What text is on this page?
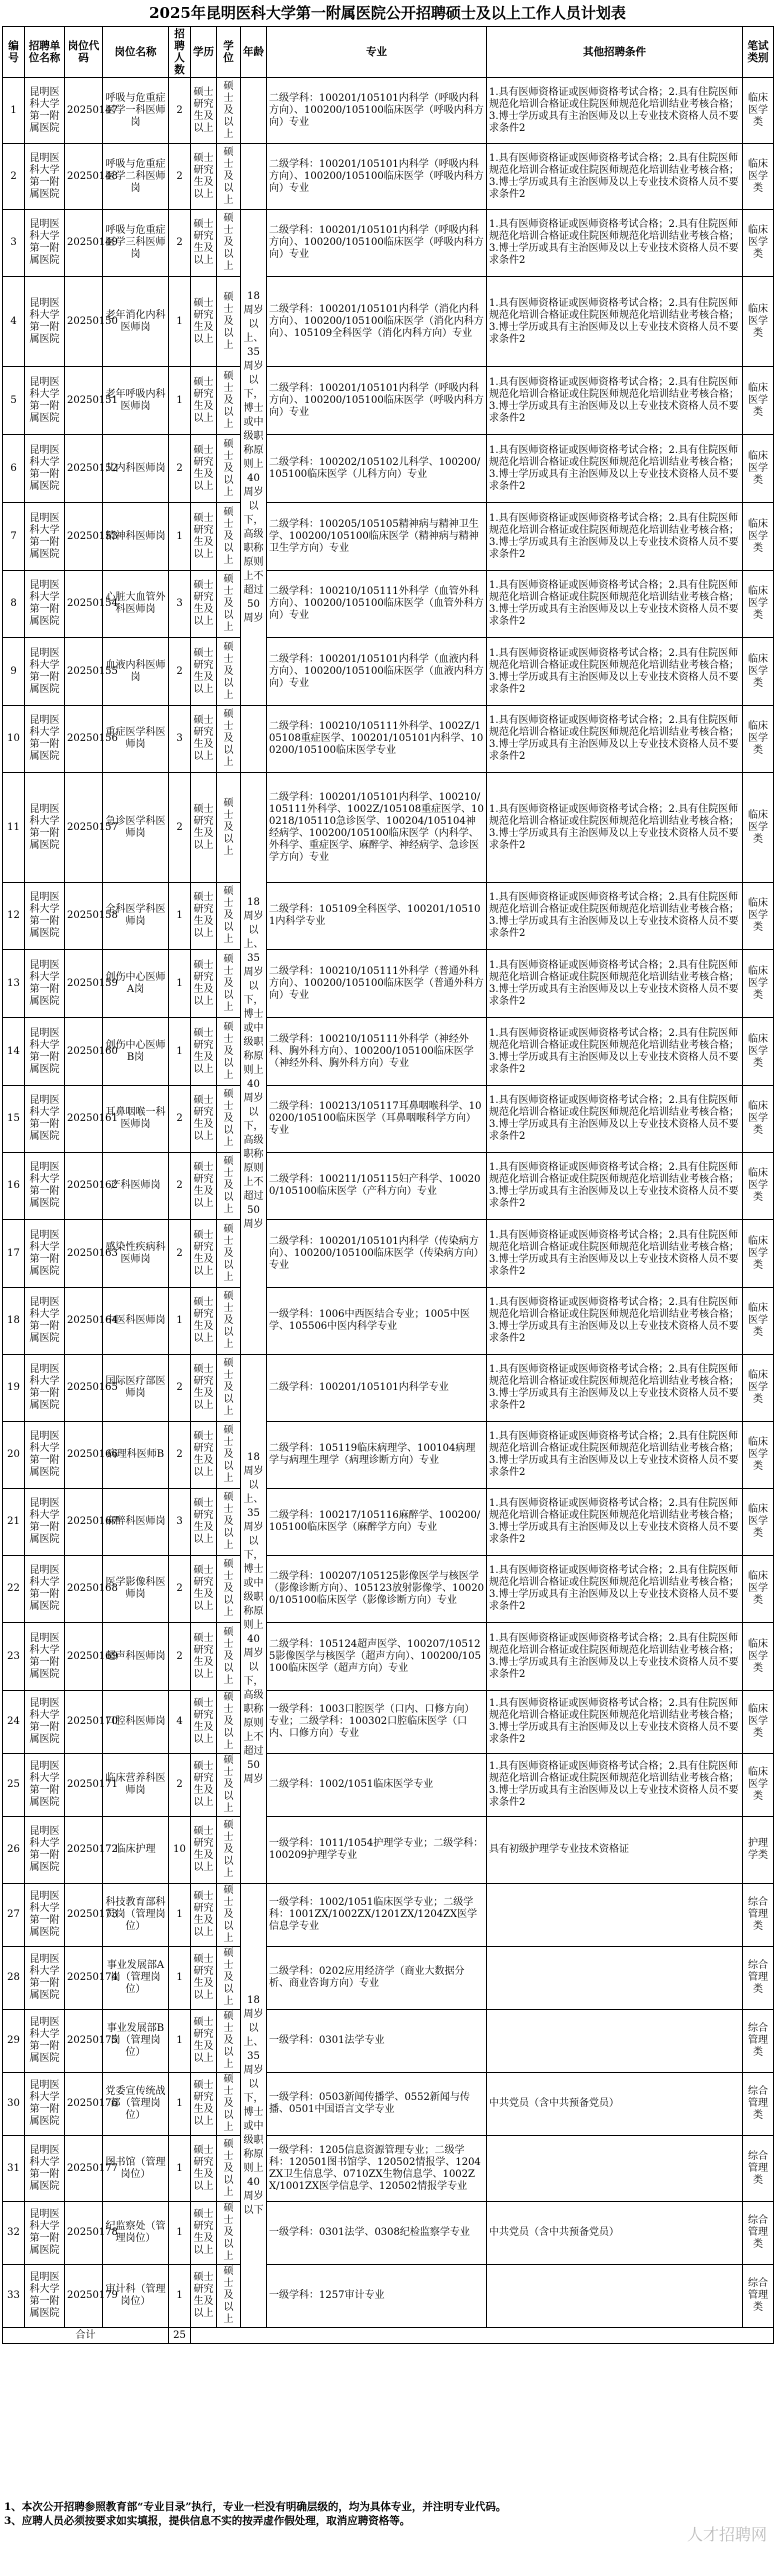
2025年昆明医科大学第一附属医院公开招聘硕士及以上工作人员计划表
编号	招聘单位名称	岗位代码	岗位名称	招聘人数	学历	学位	年龄	专业	其他招聘条件	笔试类别
1	昆明医科大学第一附属医院	20250147	呼吸与危重症医学一科医师岗	2	硕士研究生及以上	硕士及以上		二级学科：100201/105101内科学（呼吸内科方向）、100200/105100临床医学（呼吸内科方向）专业	1.具有医师资格证或医师资格考试合格；2.具有住院医师规范化培训合格证或住院医师规范化培训结业考核合格；3.博士学历或具有主治医师及以上专业技术资格人员不要求条件2	临床医学类
2	昆明医科大学第一附属医院	20250148	呼吸与危重症医学二科医师岗	2	硕士研究生及以上	硕士及以上		二级学科：100201/105101内科学（呼吸内科方向）、100200/105100临床医学（呼吸内科方向）专业	1.具有医师资格证或医师资格考试合格；2.具有住院医师规范化培训合格证或住院医师规范化培训结业考核合格；3.博士学历或具有主治医师及以上专业技术资格人员不要求条件2	临床医学类
3	昆明医科大学第一附属医院	20250149	呼吸与危重症医学三科医师岗	2	硕士研究生及以上	硕士及以上	18周岁以上、35周岁以下，博士或中级职称原则上40周岁以下，高级职称原则上不超过50周岁	二级学科：100201/105101内科学（呼吸内科方向）、100200/105100临床医学（呼吸内科方向）专业	1.具有医师资格证或医师资格考试合格；2.具有住院医师规范化培训合格证或住院医师规范化培训结业考核合格；3.博士学历或具有主治医师及以上专业技术资格人员不要求条件2	临床医学类
4	昆明医科大学第一附属医院	20250150	老年消化内科医师岗	1	硕士研究生及以上	硕士及以上		二级学科：100201/105101内科学（消化内科方向）、100200/105100临床医学（消化内科方向）、105109全科医学（消化内科方向）专业	1.具有医师资格证或医师资格考试合格；2.具有住院医师规范化培训合格证或住院医师规范化培训结业考核合格；3.博士学历或具有主治医师及以上专业技术资格人员不要求条件2	临床医学类
5	昆明医科大学第一附属医院	20250151	老年呼吸内科医师岗	1	硕士研究生及以上	硕士及以上		二级学科：100201/105101内科学（呼吸内科方向）、100200/105100临床医学（呼吸内科方向）专业	1.具有医师资格证或医师资格考试合格；2.具有住院医师规范化培训合格证或住院医师规范化培训结业考核合格；3.博士学历或具有主治医师及以上专业技术资格人员不要求条件2	临床医学类
6	昆明医科大学第一附属医院	20250152	儿内科医师岗	2	硕士研究生及以上	硕士及以上		二级学科：100202/105102儿科学、100200/105100临床医学（儿科方向）专业	1.具有医师资格证或医师资格考试合格；2.具有住院医师规范化培训合格证或住院医师规范化培训结业考核合格；3.博士学历或具有主治医师及以上专业技术资格人员不要求条件2	临床医学类
7	昆明医科大学第一附属医院	20250153	精神科医师岗	1	硕士研究生及以上	硕士及以上		二级学科：100205/105105精神病与精神卫生学、100200/105100临床医学（精神病与精神卫生学方向）专业	1.具有医师资格证或医师资格考试合格；2.具有住院医师规范化培训合格证或住院医师规范化培训结业考核合格；3.博士学历或具有主治医师及以上专业技术资格人员不要求条件2	临床医学类
8	昆明医科大学第一附属医院	20250154	心脏大血管外科医师岗	3	硕士研究生及以上	硕士及以上		二级学科：100210/105111外科学（血管外科方向）、100200/105100临床医学（血管外科方向）专业	1.具有医师资格证或医师资格考试合格；2.具有住院医师规范化培训合格证或住院医师规范化培训结业考核合格；3.博士学历或具有主治医师及以上专业技术资格人员不要求条件2	临床医学类
9	昆明医科大学第一附属医院	20250155	血液内科医师岗	2	硕士研究生及以上	硕士及以上		二级学科：100201/105101内科学（血液内科方向）、100200/105100临床医学（血液内科方向）专业	1.具有医师资格证或医师资格考试合格；2.具有住院医师规范化培训合格证或住院医师规范化培训结业考核合格；3.博士学历或具有主治医师及以上专业技术资格人员不要求条件2	临床医学类
10	昆明医科大学第一附属医院	20250156	重症医学科医师岗	3	硕士研究生及以上	硕士及以上		二级学科：100210/105111外科学、1002Z/105108重症医学、100201/105101内科学、100200/105100临床医学专业	1.具有医师资格证或医师资格考试合格；2.具有住院医师规范化培训合格证或住院医师规范化培训结业考核合格；3.博士学历或具有主治医师及以上专业技术资格人员不要求条件2	临床医学类
11	昆明医科大学第一附属医院	20250157	急诊医学科医师岗	2	硕士研究生及以上	硕士及以上	18周岁以上、35周岁以下，博士或中级职称原则上40周岁以下，高级职称原则上不超过50周岁	二级学科：100201/105101内科学、100210/105111外科学、1002Z/105108重症医学、100218/105110急诊医学、100204/105104神经病学、100200/105100临床医学（内科学、外科学、重症医学、麻醉学、神经病学、急诊医学方向）专业	1.具有医师资格证或医师资格考试合格；2.具有住院医师规范化培训合格证或住院医师规范化培训结业考核合格；3.博士学历或具有主治医师及以上专业技术资格人员不要求条件2	临床医学类
12	昆明医科大学第一附属医院	20250158	全科医学科医师岗	1	硕士研究生及以上	硕士及以上		二级学科：105109全科医学、100201/105101内科学专业	1.具有医师资格证或医师资格考试合格；2.具有住院医师规范化培训合格证或住院医师规范化培训结业考核合格；3.博士学历或具有主治医师及以上专业技术资格人员不要求条件2	临床医学类
13	昆明医科大学第一附属医院	20250159	创伤中心医师A岗	1	硕士研究生及以上	硕士及以上		二级学科：100210/105111外科学（普通外科方向）、100200/105100临床医学（普通外科方向）专业	1.具有医师资格证或医师资格考试合格；2.具有住院医师规范化培训合格证或住院医师规范化培训结业考核合格；3.博士学历或具有主治医师及以上专业技术资格人员不要求条件2	临床医学类
14	昆明医科大学第一附属医院	20250160	创伤中心医师B岗	1	硕士研究生及以上	硕士及以上		二级学科：100210/105111外科学（神经外科、胸外科方向）、100200/105100临床医学（神经外科、胸外科方向）专业	1.具有医师资格证或医师资格考试合格；2.具有住院医师规范化培训合格证或住院医师规范化培训结业考核合格；3.博士学历或具有主治医师及以上专业技术资格人员不要求条件2	临床医学类
15	昆明医科大学第一附属医院	20250161	耳鼻咽喉一科医师岗	2	硕士研究生及以上	硕士及以上		二级学科：100213/105117耳鼻咽喉科学、100200/105100临床医学（耳鼻咽喉科学方向）专业	1.具有医师资格证或医师资格考试合格；2.具有住院医师规范化培训合格证或住院医师规范化培训结业考核合格；3.博士学历或具有主治医师及以上专业技术资格人员不要求条件2	临床医学类
16	昆明医科大学第一附属医院	20250162	产科医师岗	2	硕士研究生及以上	硕士及以上		二级学科：100211/105115妇产科学、100200/105100临床医学（产科方向）专业	1.具有医师资格证或医师资格考试合格；2.具有住院医师规范化培训合格证或住院医师规范化培训结业考核合格；3.博士学历或具有主治医师及以上专业技术资格人员不要求条件2	临床医学类
17	昆明医科大学第一附属医院	20250163	感染性疾病科医师岗	2	硕士研究生及以上	硕士及以上		二级学科：100201/105101内科学（传染病方向）、100200/105100临床医学（传染病方向）专业	1.具有医师资格证或医师资格考试合格；2.具有住院医师规范化培训合格证或住院医师规范化培训结业考核合格；3.博士学历或具有主治医师及以上专业技术资格人员不要求条件2	临床医学类
18	昆明医科大学第一附属医院	20250164	中医科医师岗	1	硕士研究生及以上	硕士及以上		一级学科：1006中西医结合专业；1005中医学、105506中医内科学专业	1.具有医师资格证或医师资格考试合格；2.具有住院医师规范化培训合格证或住院医师规范化培训结业考核合格；3.博士学历或具有主治医师及以上专业技术资格人员不要求条件2	临床医学类
19	昆明医科大学第一附属医院	20250165	国际医疗部医师岗	2	硕士研究生及以上	硕士及以上	18周岁以上、35周岁以下，博士或中级职称原则上40周岁以下，高级职称原则上不超过50周岁	二级学科：100201/105101内科学专业	1.具有医师资格证或医师资格考试合格；2.具有住院医师规范化培训合格证或住院医师规范化培训结业考核合格；3.博士学历或具有主治医师及以上专业技术资格人员不要求条件2	临床医学类
20	昆明医科大学第一附属医院	20250166	病理科医师B	2	硕士研究生及以上	硕士及以上		二级学科：105119临床病理学、100104病理学与病理生理学（病理诊断方向）专业	1.具有医师资格证或医师资格考试合格；2.具有住院医师规范化培训合格证或住院医师规范化培训结业考核合格；3.博士学历或具有主治医师及以上专业技术资格人员不要求条件2	临床医学类
21	昆明医科大学第一附属医院	20250167	麻醉科医师岗	3	硕士研究生及以上	硕士及以上		二级学科：100217/105116麻醉学、100200/105100临床医学（麻醉学方向）专业	1.具有医师资格证或医师资格考试合格；2.具有住院医师规范化培训合格证或住院医师规范化培训结业考核合格；3.博士学历或具有主治医师及以上专业技术资格人员不要求条件2	临床医学类
22	昆明医科大学第一附属医院	20250168	医学影像科医师岗	2	硕士研究生及以上	硕士及以上		二级学科：100207/105125影像医学与核医学（影像诊断方向）、105123放射影像学、100200/105100临床医学（影像诊断方向）专业	1.具有医师资格证或医师资格考试合格；2.具有住院医师规范化培训合格证或住院医师规范化培训结业考核合格；3.博士学历或具有主治医师及以上专业技术资格人员不要求条件2	临床医学类
23	昆明医科大学第一附属医院	20250169	超声科医师岗	2	硕士研究生及以上	硕士及以上		二级学科：105124超声医学、100207/105125影像医学与核医学（超声方向）、100200/105100临床医学（超声方向）专业	1.具有医师资格证或医师资格考试合格；2.具有住院医师规范化培训合格证或住院医师规范化培训结业考核合格；3.博士学历或具有主治医师及以上专业技术资格人员不要求条件2	临床医学类
24	昆明医科大学第一附属医院	20250170	口腔科医师岗	4	硕士研究生及以上	硕士及以上		一级学科：1003口腔医学（口内、口修方向）专业；二级学科：100302口腔临床医学（口内、口修方向）专业	1.具有医师资格证或医师资格考试合格；2.具有住院医师规范化培训合格证或住院医师规范化培训结业考核合格；3.博士学历或具有主治医师及以上专业技术资格人员不要求条件2	临床医学类
25	昆明医科大学第一附属医院	20250171	临床营养科医师岗	2	硕士研究生及以上	硕士及以上		二级学科：1002/1051临床医学专业	1.具有医师资格证或医师资格考试合格；2.具有住院医师规范化培训合格证或住院医师规范化培训结业考核合格；3.博士学历或具有主治医师及以上专业技术资格人员不要求条件2	临床医学类
26	昆明医科大学第一附属医院	20250172	临床护理	10	硕士研究生及以上	硕士及以上		一级学科：1011/1054护理学专业；二级学科：100209护理学专业	具有初级护理学专业技术资格证	护理学类
27	昆明医科大学第一附属医院	20250173	科技教育部科员岗（管理岗位）	1	硕士研究生及以上	硕士及以上	18周岁以上、35周岁以下，博士或中级职称原则上40周岁以下	一级学科：1002/1051临床医学专业；二级学科：1001ZX/1002ZX/1201ZX/1204ZX医学信息学专业		综合管理类
28	昆明医科大学第一附属医院	20250174	事业发展部A岗（管理岗位）	1	硕士研究生及以上	硕士及以上		二级学科：0202应用经济学（商业大数据分析、商业咨询方向）专业		综合管理类
29	昆明医科大学第一附属医院	20250175	事业发展部B岗（管理岗位）	1	硕士研究生及以上	硕士及以上		一级学科：0301法学专业		综合管理类
30	昆明医科大学第一附属医院	20250176	党委宣传统战部（管理岗位）	1	硕士研究生及以上	硕士及以上		一级学科：0503新闻传播学、0552新闻与传播、0501中国语言文学专业	中共党员（含中共预备党员）	综合管理类
31	昆明医科大学第一附属医院	20250177	图书馆（管理岗位）	1	硕士研究生及以上	硕士及以上		一级学科：1205信息资源管理专业；二级学科：120501图书馆学、120502情报学、1204ZX卫生信息学、0710ZX生物信息学、1002ZX/1001ZX医学信息学、120502情报学专业		综合管理类
32	昆明医科大学第一附属医院	20250178	纪监察处（管理岗位）	1	硕士研究生及以上	硕士及以上		一级学科：0301法学、0308纪检监察学专业	中共党员（含中共预备党员）	综合管理类
33	昆明医科大学第一附属医院	20250179	审计科（管理岗位）	1	硕士研究生及以上	硕士及以上		一级学科：1257审计专业		综合管理类
合计				25						
1、本次公开招聘参照教育部“专业目录”执行，专业一栏没有明确层级的，均为具体专业，并注明专业代码。
3、应聘人员必须按要求如实填报，提供信息不实的按弄虚作假处理，取消应聘资格等。
人才招聘网
